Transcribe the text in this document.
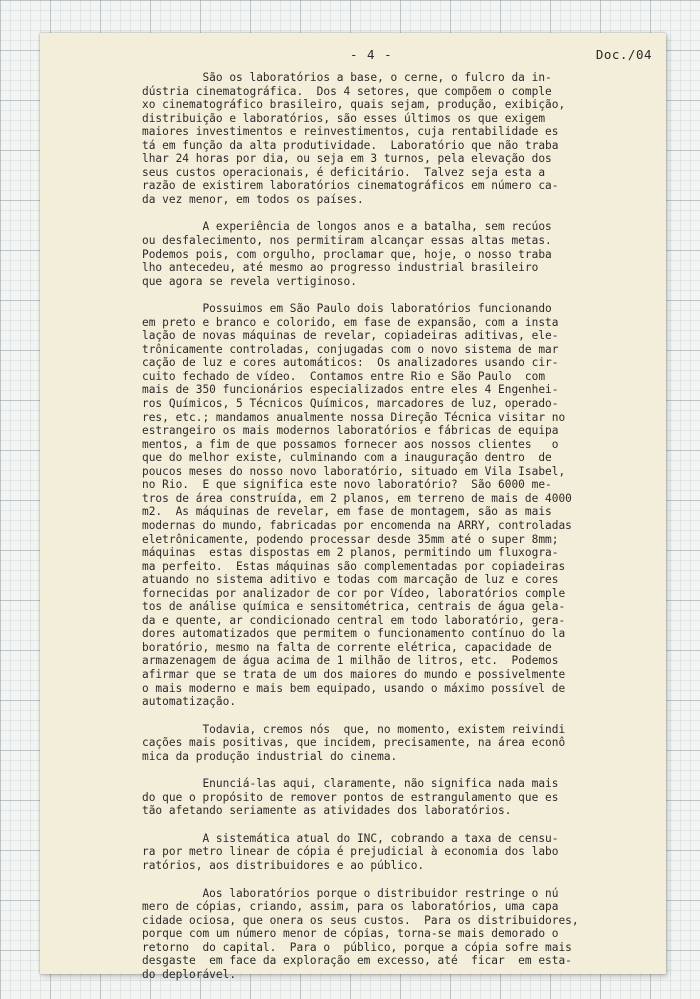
- 4 -	Doc./04
São os laboratórios a base, o cerne, o fulcro da in-
dústria cinematográfica.  Dos 4 setores, que compõem o comple
xo cinematográfico brasileiro, quais sejam, produção, exibição,
distribuição e laboratórios, são esses últimos os que exigem
maiores investimentos e reinvestimentos, cuja rentabilidade es
tá em função da alta produtividade.  Laboratório que não traba
lhar 24 horas por dia, ou seja em 3 turnos, pela elevação dos
seus custos operacionais, é deficitário.  Talvez seja esta a
razão de existirem laboratórios cinematográficos em número ca-
da vez menor, em todos os países.
A experiência de longos anos e a batalha, sem recúos
ou desfalecimento, nos permitiram alcançar essas altas metas.
Podemos pois, com orgulho, proclamar que, hoje, o nosso traba
lho antecedeu, até mesmo ao progresso industrial brasileiro
que agora se revela vertiginoso.
Possuimos em São Paulo dois laboratórios funcionando
em preto e branco e colorido, em fase de expansão, com a insta
lação de novas máquinas de revelar, copiadeiras aditivas, ele-
trônicamente controladas, conjugadas com o novo sistema de mar
cação de luz e cores automáticos:  Os analizadores usando cir-
cuito fechado de vídeo.  Contamos entre Rio e São Paulo  com
mais de 350 funcionários especializados entre eles 4 Engenhei-
ros Químicos, 5 Técnicos Químicos, marcadores de luz, operado-
res, etc.; mandamos anualmente nossa Direção Técnica visitar no
estrangeiro os mais modernos laboratórios e fábricas de equipa
mentos, a fim de que possamos fornecer aos nossos clientes   o
que do melhor existe, culminando com a inauguração dentro  de
poucos meses do nosso novo laboratório, situado em Vila Isabel,
no Rio.  E que significa este novo laboratório?  São 6000 me-
tros de área construída, em 2 planos, em terreno de mais de 4000
m2.  As máquinas de revelar, em fase de montagem, são as mais
modernas do mundo, fabricadas por encomenda na ARRY, controladas
eletrônicamente, podendo processar desde 35mm até o super 8mm;
máquinas  estas dispostas em 2 planos, permitindo um fluxogra-
ma perfeito.  Estas máquinas são complementadas por copiadeiras
atuando no sistema aditivo e todas com marcação de luz e cores
fornecidas por analizador de cor por Vídeo, laboratórios comple
tos de análise química e sensitométrica, centrais de água gela-
da e quente, ar condicionado central em todo laboratório, gera-
dores automatizados que permitem o funcionamento contínuo do la
boratório, mesmo na falta de corrente elétrica, capacidade de
armazenagem de água acima de 1 milhão de litros, etc.  Podemos
afirmar que se trata de um dos maiores do mundo e possivelmente
o mais moderno e mais bem equipado, usando o máximo possível de
automatização.
Todavia, cremos nós  que, no momento, existem reivindi
cações mais positivas, que incidem, precisamente, na área econô
mica da produção industrial do cinema.
Enunciá-las aqui, claramente, não significa nada mais
do que o propósito de remover pontos de estrangulamento que es
tão afetando seriamente as atividades dos laboratórios.
A sistemática atual do INC, cobrando a taxa de censu-
ra por metro linear de cópia é prejudicial à economia dos labo
ratórios, aos distribuidores e ao público.
Aos laboratórios porque o distribuidor restringe o nú
mero de cópias, criando, assim, para os laboratórios, uma capa
cidade ociosa, que onera os seus custos.  Para os distribuidores,
porque com um número menor de cópias, torna-se mais demorado o
retorno  do capital.  Para o  público, porque a cópia sofre mais
desgaste  em face da exploração em excesso, até  ficar  em esta-
do deplorável.
